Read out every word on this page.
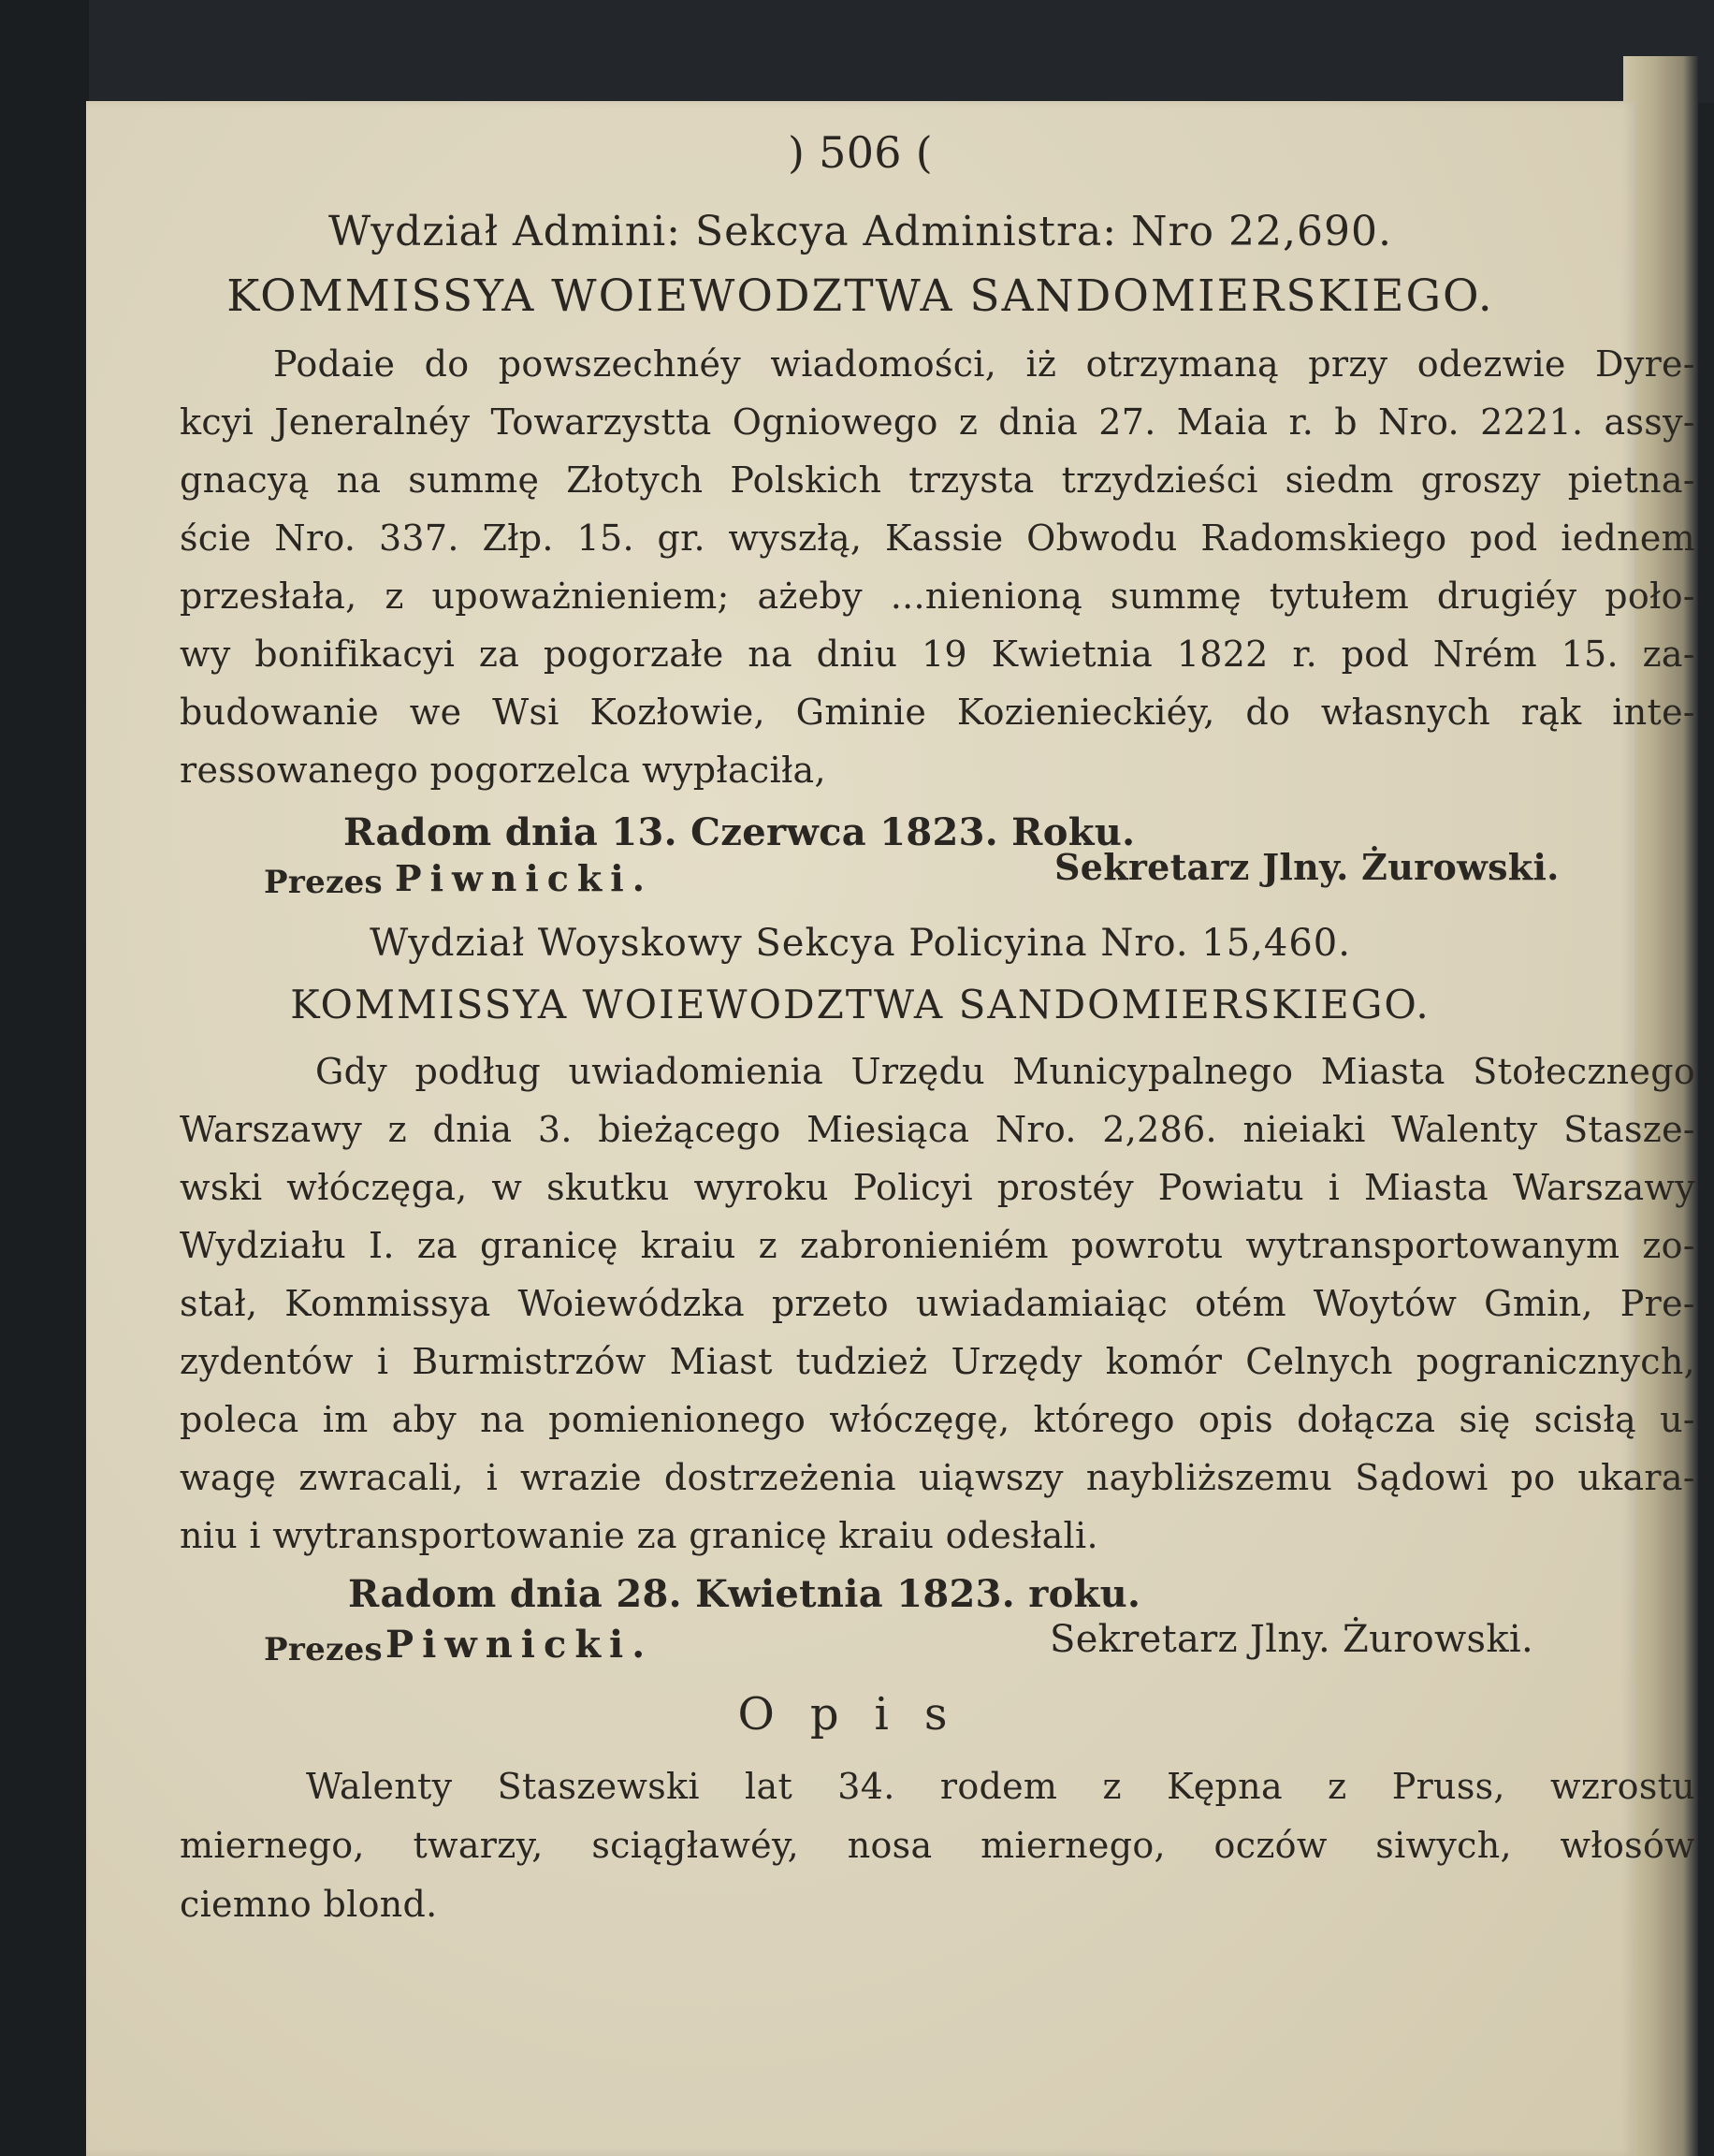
) 506 (
Wydział Admini: Sekcya Administra: Nro 22,690.
KOMMISSYA WOIEWODZTWA SANDOMIERSKIEGO.
Podaie do powszechnéy wiadomości, iż otrzymaną przy odezwie Dyre-
kcyi Jeneralnéy Towarzystta Ogniowego z dnia 27. Maia r. b Nro. 2221. assy-
gnacyą na summę Złotych Polskich trzysta trzydzieści siedm groszy pietna-
ście Nro. 337. Złp. 15. gr. wyszłą, Kassie Obwodu Radomskiego pod iednem
przesłała, z upoważnieniem; ażeby ...nienioną summę tytułem drugiéy poło-
wy bonifikacyi za pogorzałe na dniu 19 Kwietnia 1822 r. pod Nrém 15. za-
budowanie we Wsi Kozłowie, Gminie Kozienieckiéy, do własnych rąk inte-
ressowanego pogorzelca wypłaciła,
Radom dnia 13. Czerwca 1823. Roku.
Prezes Piwnicki.	Sekretarz Jlny. Żurowski.
Wydział Woyskowy Sekcya Policyina Nro. 15,460.
KOMMISSYA WOIEWODZTWA SANDOMIERSKIEGO.
Gdy podług uwiadomienia Urzędu Municypalnego Miasta Stołecznego
Warszawy z dnia 3. bieżącego Miesiąca Nro. 2,286. nieiaki Walenty Stasze-
wski włóczęga, w skutku wyroku Policyi prostéy Powiatu i Miasta Warszawy
Wydziału I. za granicę kraiu z zabronieniém powrotu wytransportowanym zo-
stał, Kommissya Woiewódzka przeto uwiadamiaiąc otém Woytów Gmin, Pre-
zydentów i Burmistrzów Miast tudzież Urzędy komór Celnych pogranicznych,
poleca im aby na pomienionego włóczęgę, którego opis dołącza się scisłą u-
wagę zwracali, i wrazie dostrzeżenia uiąwszy naybliższemu Sądowi po ukara-
niu i wytransportowanie za granicę kraiu odesłali.
Radom dnia 28. Kwietnia 1823. roku.
Prezes Piwnicki.	Sekretarz Jlny. Żurowski.
Opis
Walenty Staszewski lat 34. rodem z Kępna z Pruss, wzrostu
miernego, twarzy, sciągławéy, nosa miernego, oczów siwych, włosów
ciemno blond.
